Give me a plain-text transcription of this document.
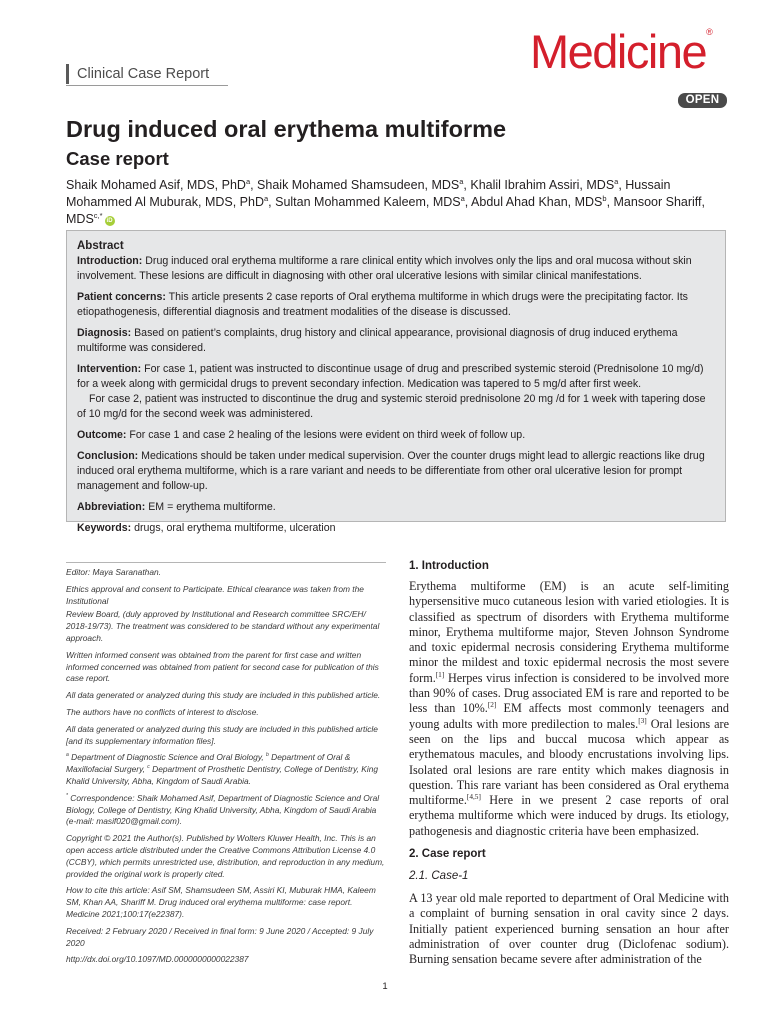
Clinical Case Report	Medicine®
OPEN
Drug induced oral erythema multiforme
Case report
Shaik Mohamed Asif, MDS, PhD$^a$, Shaik Mohamed Shamsudeen, MDS$^a$, Khalil Ibrahim Assiri, MDS$^a$, Hussain Mohammed Al Muburak, MDS, PhD$^a$, Sultan Mohammed Kaleem, MDS$^a$, Abdul Ahad Khan, MDS$^b$, Mansoor Shariff, $MDS^{c,*}iD$

Abstract

Introduction: Drug induced oral erythema multiforme a rare clinical entity which involves only the lips and oral mucosa without skin involvement. These lesions are difficult in diagnosing with other oral ulcerative lesions with similar clinical manifestations.

Patient concerns: This article presents 2 case reports of Oral erythema multiforme in which drugs were the precipitating factor. Its etiopathogenesis, differential diagnosis and treatment modalities of the disease is discussed.

Diagnosis: Based on patient’s complaints, drug history and clinical appearance, provisional diagnosis of drug induced erythema multiforme was considered.

Intervention: For case 1, patient was instructed to discontinue usage of drug and prescribed systemic steroid (Prednisolone 10 mg/d) for a week along with germicidal drugs to prevent secondary infection. Medication was tapered to 5 mg/d after first week.

For case 2, patient was instructed to discontinue the drug and systemic steroid prednisolone 20 mg /d for 1 week with tapering dose of 10 mg/d for the second week was administered.

Outcome: For case 1 and case 2 healing of the lesions were evident on third week of follow up.

Conclusion: Medications should be taken under medical supervision. Over the counter drugs might lead to allergic reactions like drug induced oral erythema multiforme, which is a rare variant and needs to be differentiate from other oral ulcerative lesion for prompt management and follow-up.

Abbreviation: EM = erythema multiforme.

Keywords: drugs, oral erythema multiforme, ulceration

Editor: Maya Saranathan.

Ethics approval and consent to Participate. Ethical clearance was taken from the Institutional

Review Board, (duly approved by Institutional and Research committee SRC/EH/ 2018-19/73). The treatment was considered to be standard without any experimental approach.

Written informed consent was obtained from the parent for first case and written informed concerned was obtained from patient for second case for publication of this case report.

All data generated or analyzed during this study are included in this published article.

The authors have no conflicts of interest to disclose.

All data generated or analyzed during this study are included in this published article [and its supplementary information files].

$^a$ Department of Diagnostic Science and Oral Biology, $^b$ Department of Oral & Maxillofacial Surgery, $^c$ Department of Prosthetic Dentistry, College of Dentistry, King Khalid University, Abha, Kingdom of Saudi Arabia.

* Correspondence: Shaik Mohamed Asif, Department of Diagnostic Science and Oral Biology, College of Dentistry, King Khalid University, Abha, Kingdom of Saudi Arabia (e-mail: masif020@gmail.com).

Copyright © 2021 the Author(s). Published by Wolters Kluwer Health, Inc. This is an open access article distributed under the Creative Commons Attribution License 4.0 (CCBY), which permits unrestricted use, distribution, and reproduction in any medium, provided the original work is properly cited.

How to cite this article: Asif SM, Shamsudeen SM, Assiri KI, Muburak HMA, Kaleem SM, Khan AA, Shariff M. Drug induced oral erythema multiforme: case report. Medicine 2021;100:17(e22387).

Received: 2 February 2020 / Received in final form: 9 June 2020 / Accepted: 9 July 2020

http://dx.doi.org/10.1097/MD.0000000000022387

1. Introduction
Erythema multiforme (EM) is an acute self-limiting hypersensitive muco cutaneous lesion with varied etiologies. It is classified as spectrum of disorders with Erythema multiforme minor, Erythema multiforme major, Steven Johnson Syndrome and toxic epidermal necrosis considering Erythema multiforme minor the mildest and toxic epidermal necrosis the most severe form.[1] Herpes virus infection is considered to be involved more than 90% of cases. Drug associated EM is rare and reported to be less than 10%.[2] EM affects most commonly teenagers and young adults with more predilection to males.[3] Oral lesions are seen on the lips and buccal mucosa which appear as erythematous macules, and bloody encrustations involving lips. Isolated oral lesions are rare entity which makes diagnosis in question. This rare variant has been considered as Oral erythema multiforme.[4,5] Here in we present 2 case reports of oral erythema multiforme which were induced by drugs. Its etiology, pathogenesis and diagnostic criteria have been emphasized.
2. Case report
2.1. Case-1
A 13 year old male reported to department of Oral Medicine with a complaint of burning sensation in oral cavity since 2 days. Initially patient experienced burning sensation an hour after administration of over counter drug (Diclofenac sodium). Burning sensation became severe after administration of the
1
